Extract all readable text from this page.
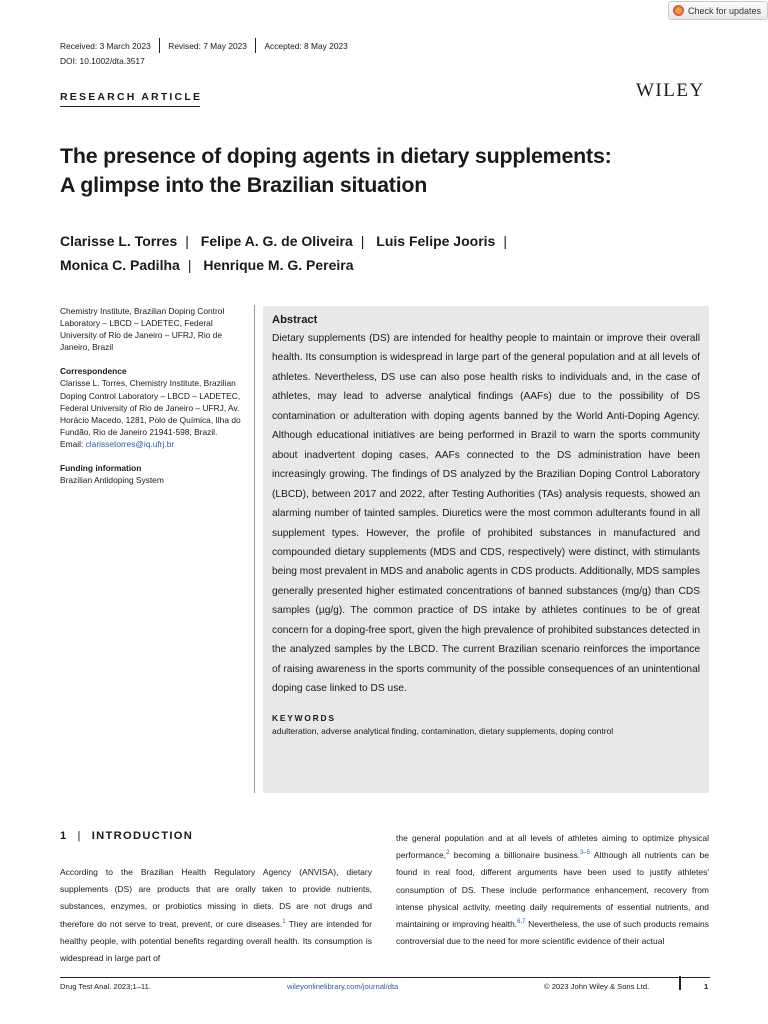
Check for updates
Received: 3 March 2023 Revised: 7 May 2023 Accepted: 8 May 2023
DOI: 10.1002/dta.3517
RESEARCH ARTICLE	WILEY
The presence of doping agents in dietary supplements:
A glimpse into the Brazilian situation
Clarisse L. Torres | Felipe A. G. de Oliveira | Luis Felipe Jooris |
Monica C. Padilha | Henrique M. G. Pereira
Chemistry Institute, Brazilian Doping Control Laboratory – LBCD – LADETEC, Federal University of Rio de Janeiro – UFRJ, Rio de Janeiro, Brazil
Correspondence
Clarisse L. Torres, Chemistry Institute, Brazilian Doping Control Laboratory – LBCD – LADETEC, Federal University of Rio de Janeiro – UFRJ, Av. Horácio Macedo, 1281, Polo de Química, Ilha do Fundão, Rio de Janeiro 21941-598, Brazil.
Email: clarissetorres@iq.ufrj.br
Funding information
Brazilian Antidoping System
Abstract
Dietary supplements (DS) are intended for healthy people to maintain or improve their overall health. Its consumption is widespread in large part of the general population and at all levels of athletes. Nevertheless, DS use can also pose health risks to individuals and, in the case of athletes, may lead to adverse analytical findings (AAFs) due to the possibility of DS contamination or adulteration with doping agents banned by the World Anti-Doping Agency. Although educational initiatives are being performed in Brazil to warn the sports community about inadvertent doping cases, AAFs connected to the DS administration have been increasingly growing. The findings of DS analyzed by the Brazilian Doping Control Laboratory (LBCD), between 2017 and 2022, after Testing Authorities (TAs) analysis requests, showed an alarming number of tainted samples. Diuretics were the most common adulterants found in all supplement types. However, the profile of prohibited substances in manufactured and compounded dietary supplements (MDS and CDS, respectively) were distinct, with stimulants being most prevalent in MDS and anabolic agents in CDS products. Additionally, MDS samples generally presented higher estimated concentrations of banned substances (mg/g) than CDS samples (µg/g). The common practice of DS intake by athletes continues to be of great concern for a doping-free sport, given the high prevalence of prohibited substances detected in the analyzed samples by the LBCD. The current Brazilian scenario reinforces the importance of raising awareness in the sports community of the possible consequences of an unintentional doping case linked to DS use.
KEYWORDS
adulteration, adverse analytical finding, contamination, dietary supplements, doping control
1 | INTRODUCTION
According to the Brazilian Health Regulatory Agency (ANVISA), dietary supplements (DS) are products that are orally taken to provide nutrients, substances, enzymes, or probiotics missing in diets. DS are not drugs and therefore do not serve to treat, prevent, or cure diseases.$^1$ They are intended for healthy people, with potential benefits regarding overall health. Its consumption is widespread in large part of
the general population and at all levels of athletes aiming to optimize physical performance,$^2$ becoming a billionaire business.$^{3-5}$ Although all nutrients can be found in real food, different arguments have been used to justify athletes' consumption of DS. These include performance enhancement, recovery from intense physical activity, meeting daily requirements of essential nutrients, and maintaining or improving health.$^{6,7}$ Nevertheless, the use of such products remains controversial due to the need for more scientific evidence of their actual
Drug Test Anal. 2023;1–11.	wileyonlinelibrary.com/journal/dta	© 2023 John Wiley & Sons Ltd.	1
